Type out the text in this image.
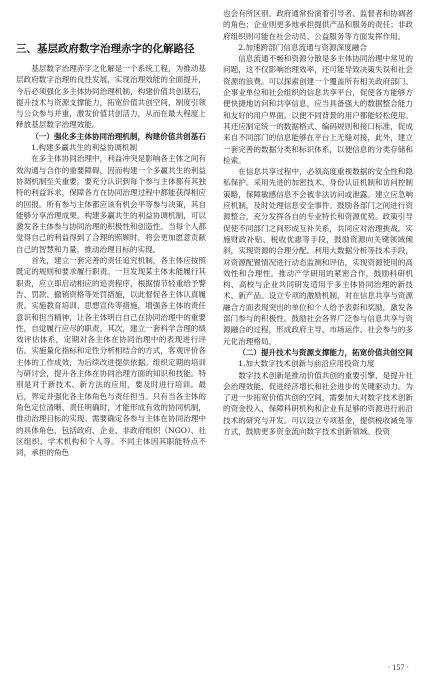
三、基层政府数字治理赤字的化解路径

基层数字治理赤字之化解是一个系统工程，为推动基层政府数字治理的良性发展，实现治理效能的全面提升，今后必须强化多主体协同治理机制，构建价值共创基石，提升技术与资源支撑能力，拓宽价值共创空间，制度引领与公众参与并重，激发价值共创活力，从而在最大程度上释放基层数字治理效能。

（一）强化多主体协同治理机制，构建价值共创基石

1.构建多赢共生的利益协调机制

在多主体协同治理中，利益冲突是影响各主体之间有效沟通与合作的重要障碍，因而构建一个多赢共生的利益协调机制至关重要。要充分认识到每个参与主体都有其独特的利益诉求，保障各方在协同治理过程中都能获得相应的回报。所有参与主体都应该有机会平等参与决策，其自能够分享治理成果。构建多赢共生的利益协调机制，可以激发各主体参与协同治理的积极性和创造性。当每个人都觉得自己的利益得到了合理的照顾时，将会更加愿意贡献自己的智慧和力量，推动治理目标的实现。

首先，建立一套完善的责任追究机制，各主体应按照既定的规则和要求履行职责。一旦发现某主体未能履行其职责，应立即启动相应的追责程序，根据情节轻重给予警告、罚款、撤销资格等处罚措施，以此督促各主体认真履责。实施教育培训、思想宣传等措施，增强各主体的责任意识和担当精神，让各主体明白自己在协同治理中的重要性，自觉履行应尽的职责。其次，建立一套科学合理的绩效评估体系，定期对各主体在协同治理中的表现进行评估。实施量化指标和定性分析相结合的方式，客观评价各主体的工作成效，为后续改进提供依据。组织定期的培训与研讨会，提升各主体在协同治理方面的知识和技能。特别是对于新技术、新方法的应用，要及时进行培训。最后，界定并强化各主体角色与责任担当。只有当各主体的角色定位清晰、责任明确时，才能形成有效的协同机制，推动治理目标的实现。需要确定各参与主体在协同治理中的具体角色，包括政府、企业、非政府组织（NGO）、社区组织、学术机构和个人等。不同主体因其职能特点不同，承担的角色

也会有所区别。政府通常扮演着引导者、监督者和协调者的角色；企业则更多地承担提供产品和服务的责任；非政府组织则可能在社会动员、公益服务等方面发挥作用。

2.加速跨部门信息流通与资源深度融合

信息流通不畅和资源分散是多主体协同治理中常见的问题，这不仅影响治理效率，还可能导致决策失误和社会资源的浪费。可以探索创建一个覆盖所有相关政府部门、企事业单位和社会组织的信息共享平台，促使各方能够方便快捷地访问和共享信息，应当具备强大的数据整合能力和友好的用户界面，以便不同背景的用户都能轻松使用。其还应制定统一的数据格式、编码规则和接口标准，促成来自不同部门的信息能够在平台上无缝对接，此外，建立一套完善的数据分类和标识体系，以便信息的分类存储和检索。

在信息共享过程中，必须高度重视数据的安全性和隐私保护。采用先进的加密技术、身份认证机制和访问控制策略，保障敏感信息不会被非法访问或泄露。建立应急响应机制，及时处理信息安全事件。鼓励各部门之间进行资源整合，充分发挥各自的专业特长和资源优势。政策引导促使不同部门之间形成互补关系，共同应对治理挑战。实施财政补贴、税收优惠等手段，鼓励资源向关键领域倾斜，实现资源的合理分配。利用大数据分析等技术手段，对资源配置情况进行动态监测和评估，实现资源使用的高效性和合理性。推动产学研用的紧密合作，鼓励科研机构、高校与企业共同研发适用于多主体协同治理的新技术、新产品。设立专项的激励机制，对在信息共享与资源融合方面表现突出的单位和个人给予表彰和奖励，激发各部门参与的积极性。鼓励社会各界广泛参与信息共享与资源融合的过程，形成政府主导、市场运作、社会参与的多元化治理格局。

（二）提升技术与资源支撑能力，拓宽价值共创空间

1.加大数字技术创新与前沿应用投资力度

数字技术创新是推动价值共创的重要引擎，是提升社会治理效能、促进经济增长和社会进步的关键驱动力。为了进一步拓宽价值共创的空间，需要加大对数字技术创新的资金投入，保障科研机构和企业有足够的资源进行前沿技术的研究与开发。可以设立专项基金，提供税收减免等方式，鼓励更多资金流向数字技术创新领域。投资

· 157 ·
